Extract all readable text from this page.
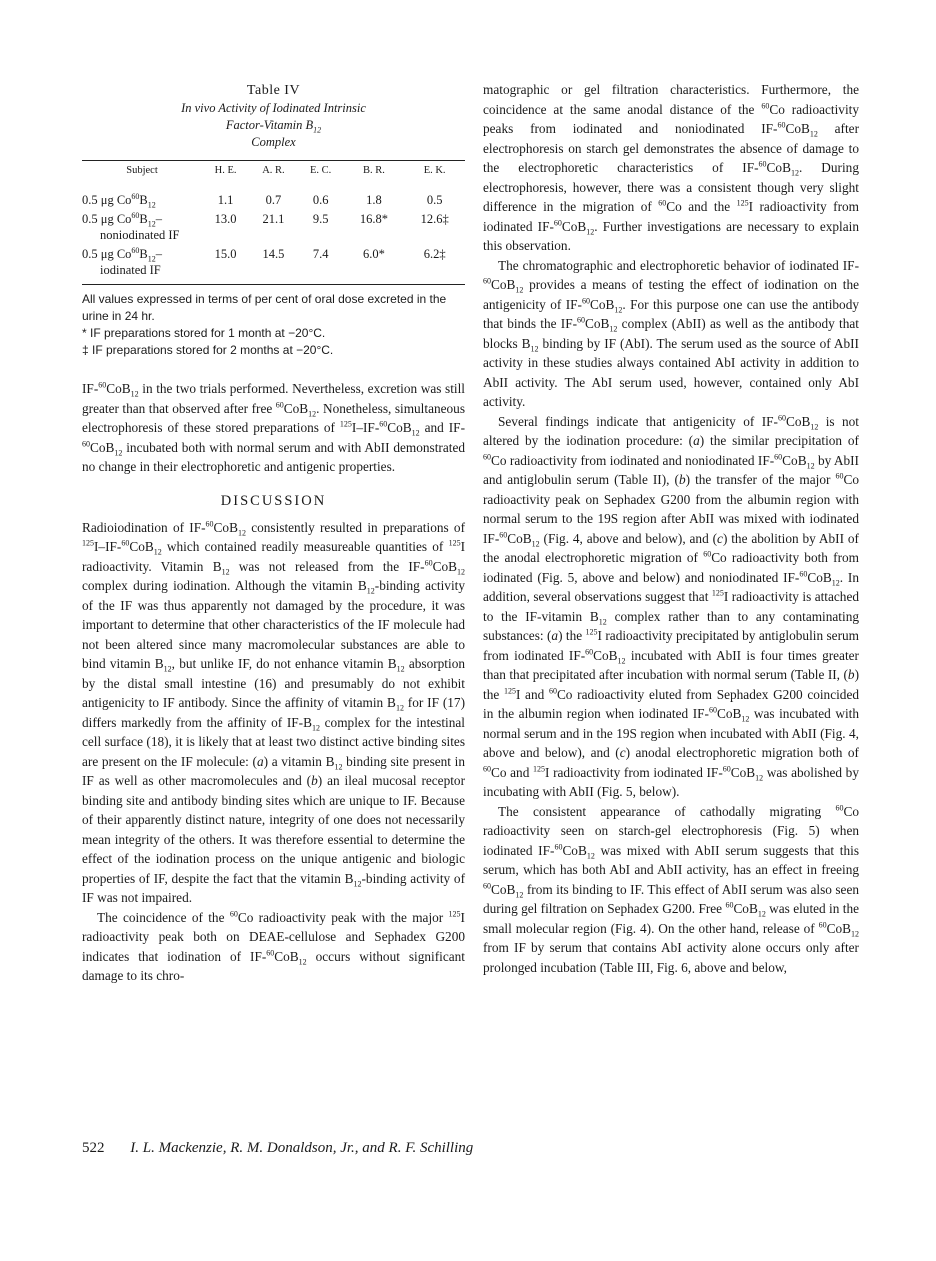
Table IV
In vivo Activity of Iodinated Intrinsic
Factor-Vitamin $B_{12}$
Complex
Subject	H. E.	A. R.	E. C.	B. R.	E. K.
0.5 μg $Co^{60}B_{12}$	1.1	0.7	0.6	1.8	0.5
0.5 μg $Co^{60}B_{12}-$
noniodinated IF	13.0	21.1	9.5	16.8*	12.6‡
0.5 μg $Co^{60}B_{12}-$
iodinated IF	15.0	14.5	7.4	6.0*	6.2‡
All values expressed in terms of per cent of oral dose excreted in the urine in 24 hr.
* IF preparations stored for 1 month at −20°C.
‡ IF preparations stored for 2 months at −20°C.

IF-$^{60}$CoB$_{12}$ in the two trials performed. Nevertheless, excretion was still greater than that observed after free $^{60}$CoB$_{12}$. Nonetheless, simultaneous electrophoresis of these stored preparations of $^{125}$I–IF-$^{60}$CoB$_{12}$ and IF-$^{60}$CoB$_{12}$ incubated both with normal serum and with AbII demonstrated no change in their electrophoretic and antigenic properties.

DISCUSSION

Radioiodination of IF-$^{60}$CoB$_{12}$ consistently resulted in preparations of $^{125}$I–IF-$^{60}$CoB$_{12}$ which contained readily measureable quantities of $^{125}$I radioactivity. Vitamin $B_{12}$ was not released from the IF-$^{60}$CoB$_{12}$ complex during iodination. Although the vitamin $B_{12}$-binding activity of the IF was thus apparently not damaged by the procedure, it was important to determine that other characteristics of the IF molecule had not been altered since many macromolecular substances are able to bind vitamin $B_{12}$, but unlike IF, do not enhance vitamin $B_{12}$ absorption by the distal small intestine (16) and presumably do not exhibit antigenicity to IF antibody. Since the affinity of vitamin $B_{12}$ for IF (17) differs markedly from the affinity of $IF-B_{12}$ complex for the intestinal cell surface (18), it is likely that at least two distinct active binding sites are present on the IF molecule: (a) a vitamin $B_{12}$ binding site present in IF as well as other macromolecules and (b) an ileal mucosal receptor binding site and antibody binding sites which are unique to IF. Because of their apparently distinct nature, integrity of one does not necessarily mean integrity of the others. It was therefore essential to determine the effect of the iodination process on the unique antigenic and biologic properties of IF, despite the fact that the vitamin $B_{12}$-binding activity of IF was not impaired.

The coincidence of the $^{60}$Co radioactivity peak with the major $^{125}$I radioactivity peak both on DEAE-cellulose and Sephadex G200 indicates that iodination of IF-$^{60}$CoB$_{12}$ occurs without significant damage to its chro-

matographic or gel filtration characteristics. Furthermore, the coincidence at the same anodal distance of the $^{60}$Co radioactivity peaks from iodinated and noniodinated IF-$^{60}$CoB$_{12}$ after electrophoresis on starch gel demonstrates the absence of damage to the electrophoretic characteristics of IF-$^{60}$CoB$_{12}$. During electrophoresis, however, there was a consistent though very slight difference in the migration of $^{60}$Co and the $^{125}$I radioactivity from iodinated IF-$^{60}$CoB$_{12}$. Further investigations are necessary to explain this observation.

The chromatographic and electrophoretic behavior of iodinated IF-$^{60}$CoB$_{12}$ provides a means of testing the effect of iodination on the antigenicity of IF-$^{60}$CoB$_{12}$. For this purpose one can use the antibody that binds the IF-$^{60}$CoB$_{12}$ complex (AbII) as well as the antibody that blocks $B_{12}$ binding by IF (AbI). The serum used as the source of AbII activity in these studies always contained AbI activity in addition to AbII activity. The AbI serum used, however, contained only AbI activity.

Several findings indicate that antigenicity of IF-$^{60}$CoB$_{12}$ is not altered by the iodination procedure: (a) the similar precipitation of $^{60}$Co radioactivity from iodinated and noniodinated IF-$^{60}$CoB$_{12}$ by AbII and antiglobulin serum (Table II), (b) the transfer of the major $^{60}$Co radioactivity peak on Sephadex G200 from the albumin region with normal serum to the 19S region after AbII was mixed with iodinated IF-$^{60}$CoB$_{12}$ (Fig. 4, above and below), and (c) the abolition by AbII of the anodal electrophoretic migration of $^{60}$Co radioactivity both from iodinated (Fig. 5, above and below) and noniodinated IF-$^{60}$CoB$_{12}$. In addition, several observations suggest that $^{125}$I radioactivity is attached to the IF-vitamin $B_{12}$ complex rather than to any contaminating substances: (a) the $^{125}$I radioactivity precipitated by antiglobulin serum from iodinated IF-$^{60}$CoB$_{12}$ incubated with AbII is four times greater than that precipitated after incubation with normal serum (Table II, (b) the $^{125}$I and $^{60}$Co radioactivity eluted from Sephadex G200 coincided in the albumin region when iodinated IF-$^{60}$CoB$_{12}$ was incubated with normal serum and in the 19S region when incubated with AbII (Fig. 4, above and below), and (c) anodal electrophoretic migration both of $^{60}$Co and $^{125}$I radioactivity from iodinated IF-$^{60}$CoB$_{12}$ was abolished by incubating with AbII (Fig. 5, below).

The consistent appearance of cathodally migrating $^{60}$Co radioactivity seen on starch-gel electrophoresis (Fig. 5) when iodinated IF-$^{60}$CoB$_{12}$ was mixed with AbII serum suggests that this serum, which has both AbI and AbII activity, has an effect in freeing $^{60}$CoB$_{12}$ from its binding to IF. This effect of AbII serum was also seen during gel filtration on Sephadex G200. Free $^{60}$CoB$_{12}$ was eluted in the small molecular region (Fig. 4). On the other hand, release of $^{60}$CoB$_{12}$ from IF by serum that contains AbI activity alone occurs only after prolonged incubation (Table III, Fig. 6, above and below,

522 I. L. Mackenzie, R. M. Donaldson, Jr., and R. F. Schilling
